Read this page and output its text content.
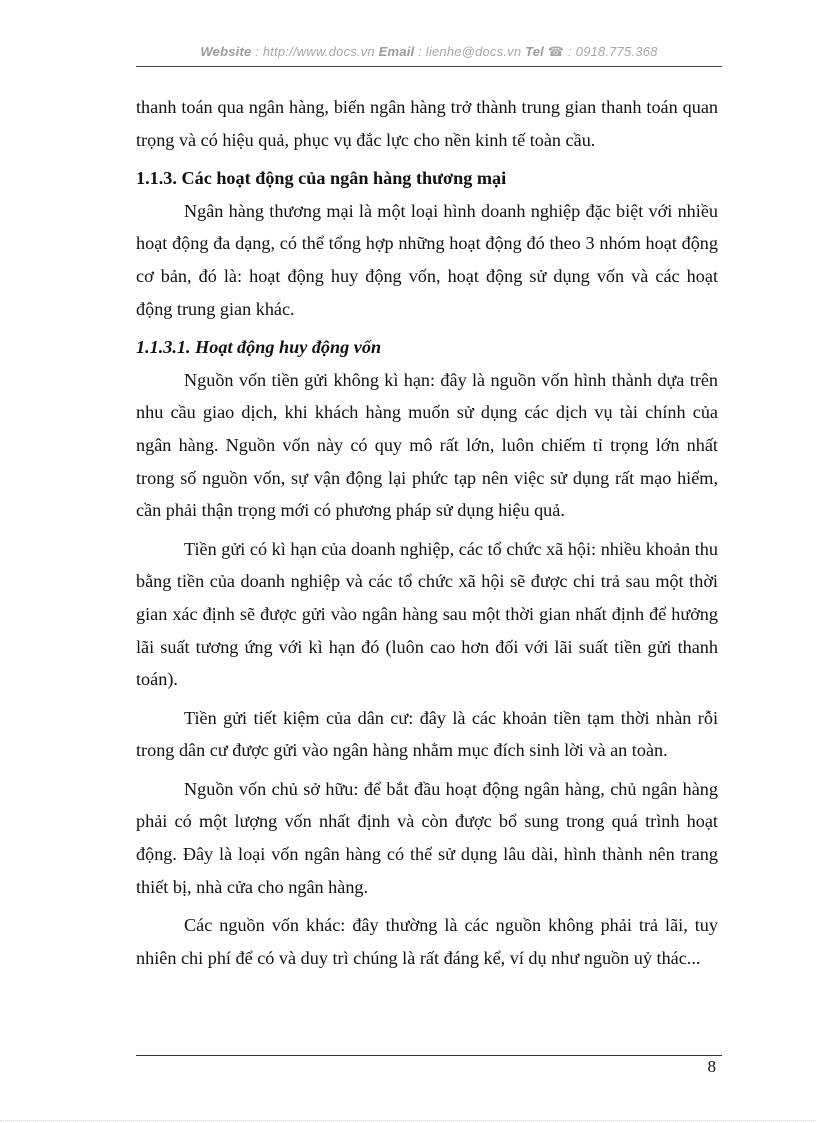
Website : http://www.docs.vn Email : lienhe@docs.vn Tel ☎ : 0918.775.368

thanh toán qua ngân hàng, biến ngân hàng trở thành trung gian thanh toán quan trọng và có hiệu quả, phục vụ đắc lực cho nền kinh tế toàn cầu.

1.1.3. Các hoạt động của ngân hàng thương mại

Ngân hàng thương mại là một loại hình doanh nghiệp đặc biệt với nhiều hoạt động đa dạng, có thể tổng hợp những hoạt động đó theo 3 nhóm hoạt động cơ bản, đó là: hoạt động huy động vốn, hoạt động sử dụng vốn và các hoạt động trung gian khác.

1.1.3.1. Hoạt động huy động vốn

Nguồn vốn tiền gửi không kì hạn: đây là nguồn vốn hình thành dựa trên nhu cầu giao dịch, khi khách hàng muốn sử dụng các dịch vụ tài chính của ngân hàng. Nguồn vốn này có quy mô rất lớn, luôn chiếm tỉ trọng lớn nhất trong số nguồn vốn, sự vận động lại phức tạp nên việc sử dụng rất mạo hiểm, cần phải thận trọng mới có phương pháp sử dụng hiệu quả.

Tiền gửi có kì hạn của doanh nghiệp, các tổ chức xã hội: nhiều khoản thu bằng tiền của doanh nghiệp và các tổ chức xã hội sẽ được chi trả sau một thời gian xác định sẽ được gửi vào ngân hàng sau một thời gian nhất định để hưởng lãi suất tương ứng với kì hạn đó (luôn cao hơn đối với lãi suất tiền gửi thanh toán).

Tiền gửi tiết kiệm của dân cư: đây là các khoản tiền tạm thời nhàn rỗi trong dân cư được gửi vào ngân hàng nhằm mục đích sinh lời và an toàn.

Nguồn vốn chủ sở hữu: để bắt đầu hoạt động ngân hàng, chủ ngân hàng phải có một lượng vốn nhất định và còn được bổ sung trong quá trình hoạt động. Đây là loại vốn ngân hàng có thể sử dụng lâu dài, hình thành nên trang thiết bị, nhà cửa cho ngân hàng.

Các nguồn vốn khác: đây thường là các nguồn không phải trả lãi, tuy nhiên chi phí để có và duy trì chúng là rất đáng kể, ví dụ như nguồn uỷ thác...

8
